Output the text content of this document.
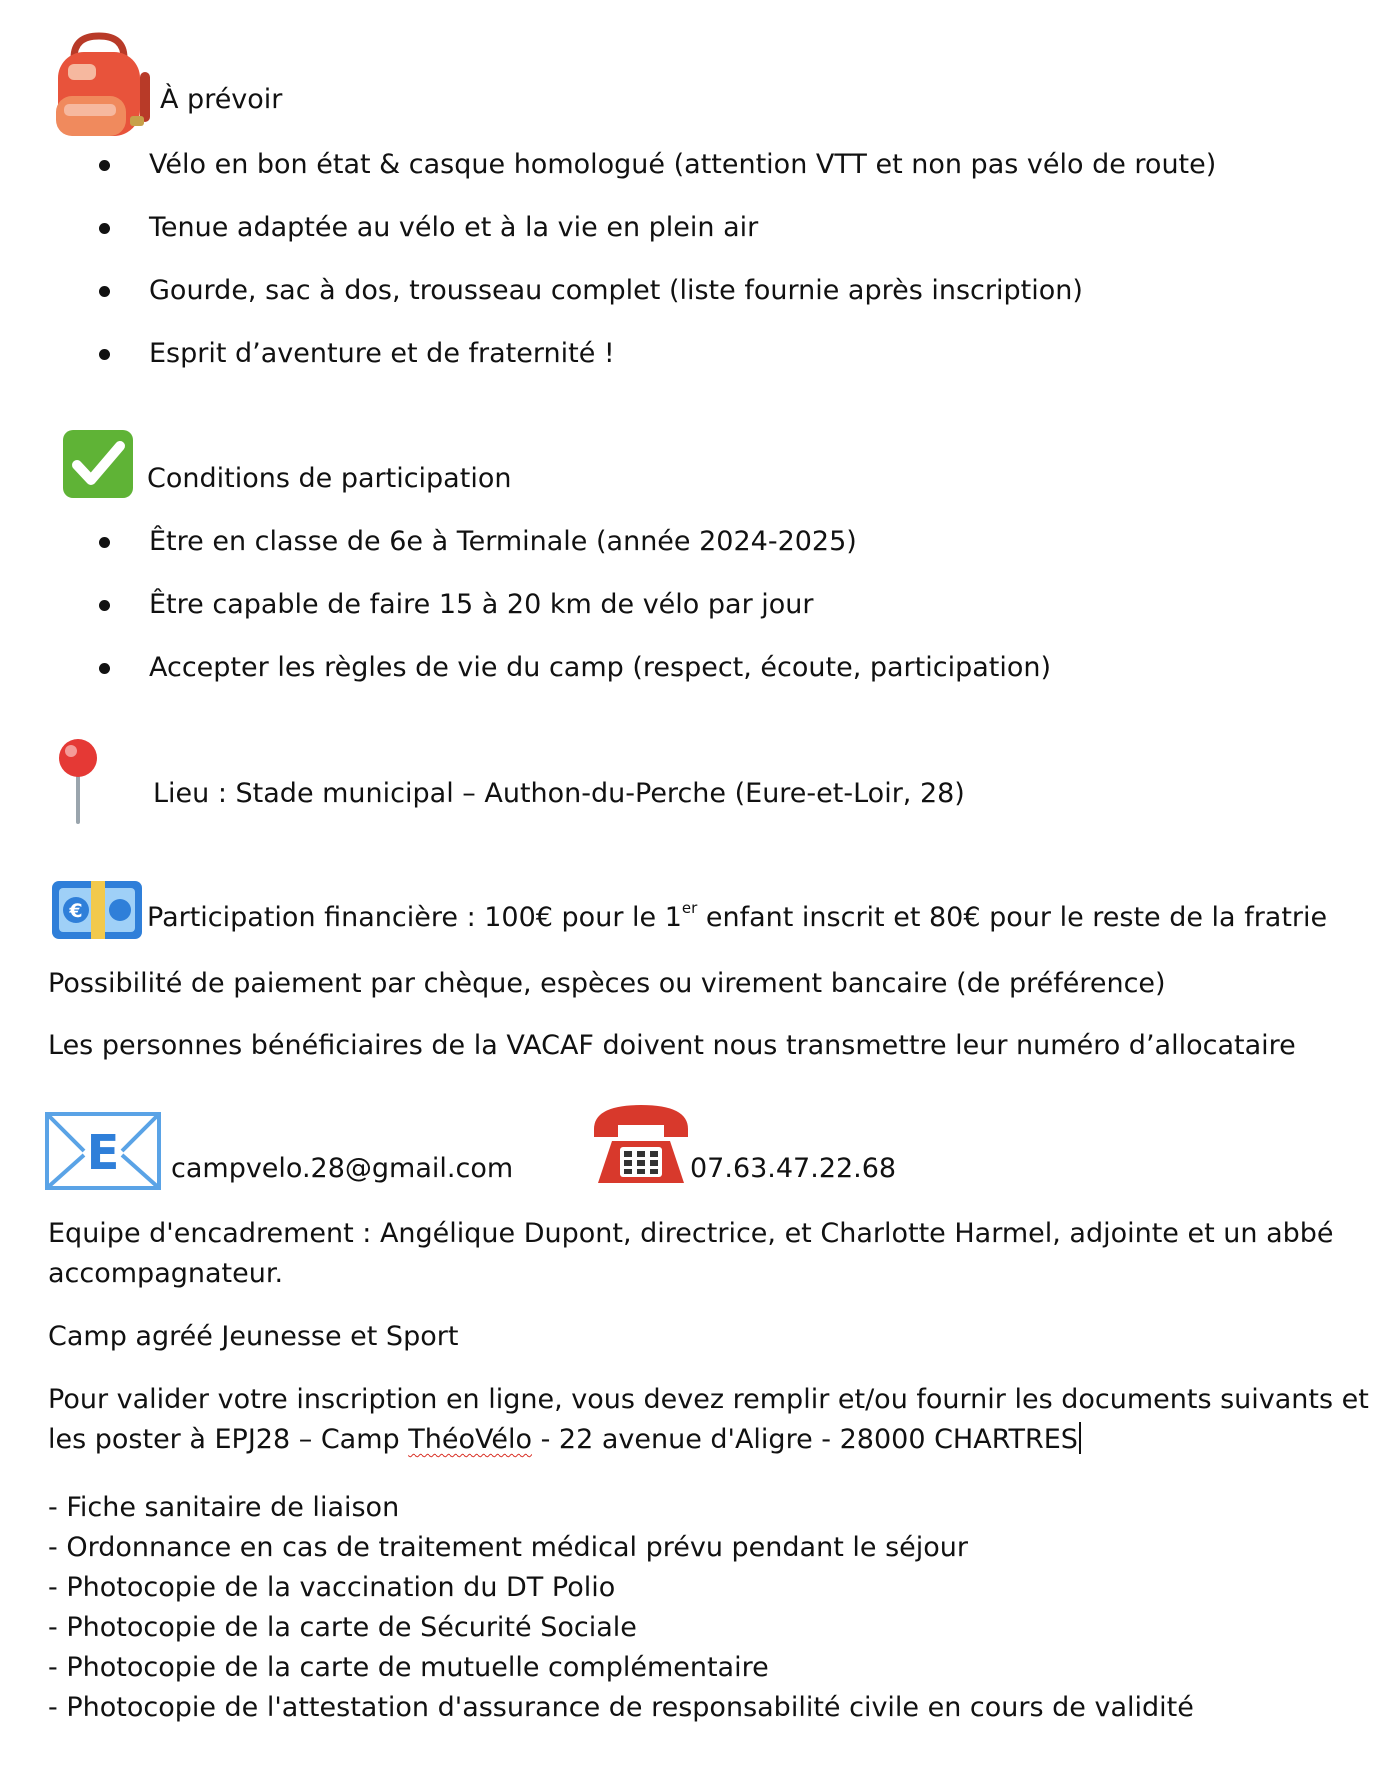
À prévoir
Vélo en bon état & casque homologué (attention VTT et non pas vélo de route)
Tenue adaptée au vélo et à la vie en plein air
Gourde, sac à dos, trousseau complet (liste fournie après inscription)
Esprit d’aventure et de fraternité !
Conditions de participation
Être en classe de 6e à Terminale (année 2024-2025)
Être capable de faire 15 à 20 km de vélo par jour
Accepter les règles de vie du camp (respect, écoute, participation)
Lieu : Stade municipal – Authon-du-Perche (Eure-et-Loir, 28)
€ Participation financière : 100€ pour le 1er enfant inscrit et 80€ pour le reste de la fratrie
Possibilité de paiement par chèque, espèces ou virement bancaire (de préférence)
Les personnes bénéficiaires de la VACAF doivent nous transmettre leur numéro d’allocataire
E campvelo.28@gmail.com	07.63.47.22.68
Equipe d'encadrement : Angélique Dupont, directrice, et Charlotte Harmel, adjointe et un abbé
accompagnateur.
Camp agréé Jeunesse et Sport
Pour valider votre inscription en ligne, vous devez remplir et/ou fournir les documents suivants et
les poster à EPJ28 – Camp ThéoVélo - 22 avenue d'Aligre - 28000 CHARTRES
- Fiche sanitaire de liaison
- Ordonnance en cas de traitement médical prévu pendant le séjour
- Photocopie de la vaccination du DT Polio
- Photocopie de la carte de Sécurité Sociale
- Photocopie de la carte de mutuelle complémentaire
- Photocopie de l'attestation d'assurance de responsabilité civile en cours de validité
